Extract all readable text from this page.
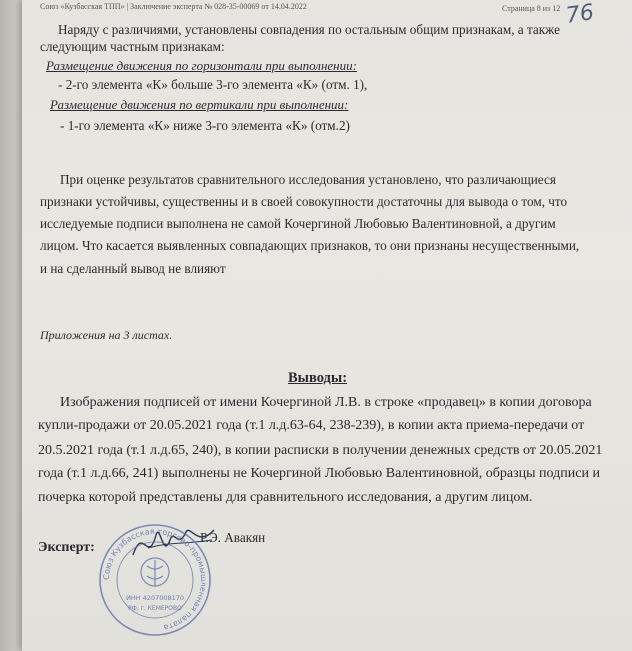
Союз «Кузбасская ТПП» | Заключение эксперта № 028-35-00069 от 14.04.2022	Страница 8 из 12
Наряду с различиями, установлены совпадения по остальным общим признакам, а также
следующим частным признакам:
Размещение движения по горизонтали при выполнении:
- 2-го элемента «К» больше 3-го элемента «К» (отм. 1),
Размещение движения по вертикали при выполнении:
- 1-го элемента «К» ниже 3-го элемента «К» (отм.2)
При оценке результатов сравнительного исследования установлено, что различающиеся
признаки устойчивы, существенны и в своей совокупности достаточны для вывода о том, что
исследуемые подписи выполнена не самой Кочергиной Любовью Валентиновной, а другим
лицом. Что касается выявленных совпадающих признаков, то они признаны несущественными,
и на сделанный вывод не влияют
Приложения на 3 листах.
Выводы:
Изображения подписей от имени Кочергиной Л.В. в строке «продавец» в копии договора
купли-продажи от 20.05.2021 года (т.1 л.д.63-64, 238-239), в копии акта приема-передачи от
20.5.2021 года (т.1 л.д.65, 240), в копии расписки в получении денежных средств от 20.05.2021
года (т.1 л.д.66, 241) выполнены не Кочергиной Любовью Валентиновной, образцы подписи и
почерка которой представлены для сравнительного исследования, а другим лицом.
Эксперт:
Р.Э. Авакян
76
Союз Кузбасская торгово-промышленная палата
ИНН 4207008170
РФ, г. КЕМЕРОВО
